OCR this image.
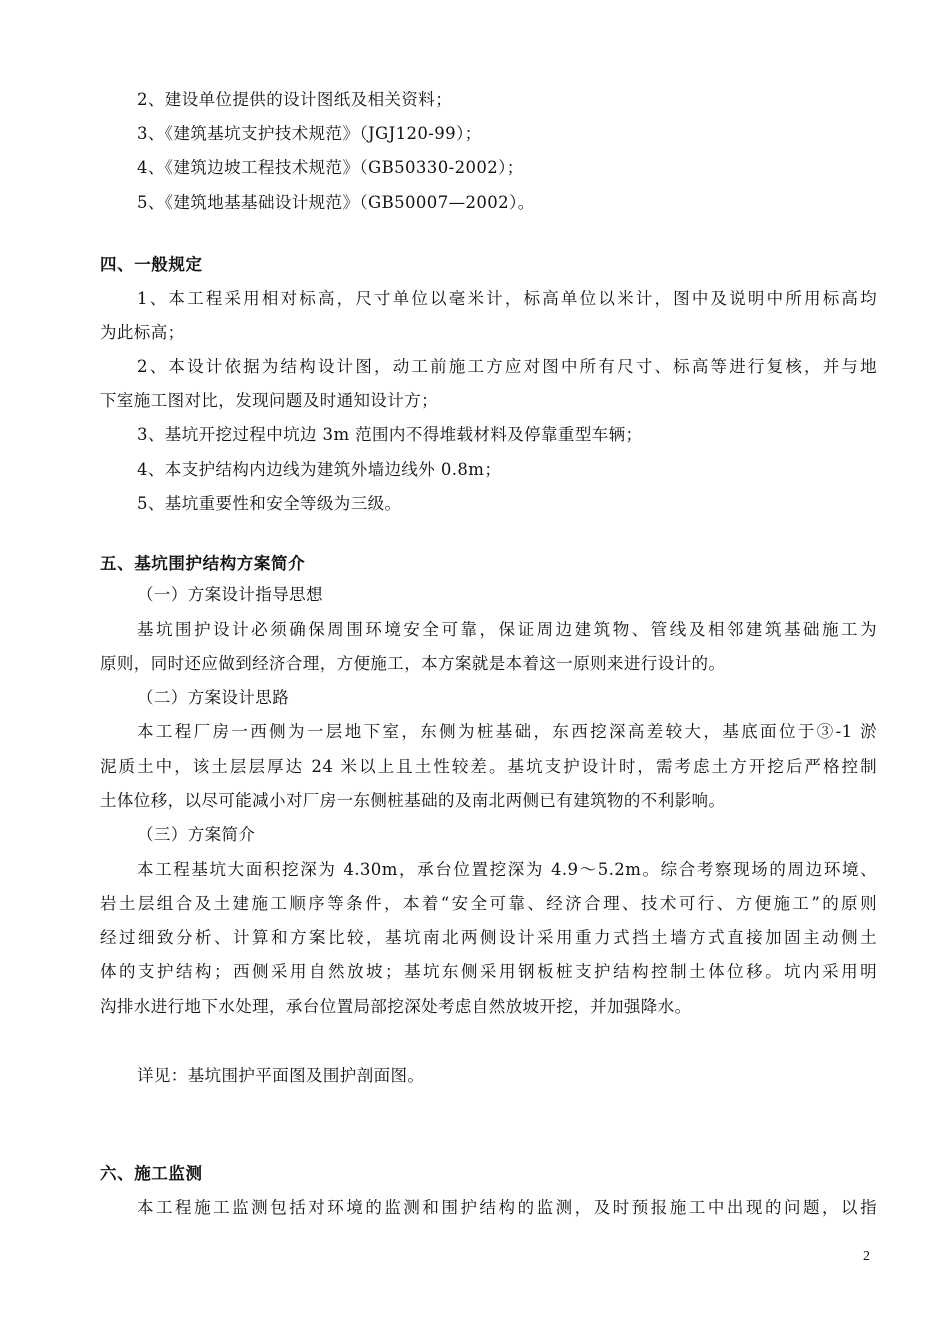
2、建设单位提供的设计图纸及相关资料；
3、《建筑基坑支护技术规范》（JGJ120-99）；
4、《建筑边坡工程技术规范》（GB50330-2002）；
5、《建筑地基基础设计规范》（GB50007—2002）。
四、一般规定
1、本工程采用相对标高，尺寸单位以毫米计，标高单位以米计，图中及说明中所用标高均
为此标高；
2、本设计依据为结构设计图，动工前施工方应对图中所有尺寸、标高等进行复核，并与地
下室施工图对比，发现问题及时通知设计方；
3、基坑开挖过程中坑边 3m 范围内不得堆载材料及停靠重型车辆；
4、本支护结构内边线为建筑外墙边线外 0.8m；
5、基坑重要性和安全等级为三级。
五、基坑围护结构方案简介
（一）方案设计指导思想
基坑围护设计必须确保周围环境安全可靠，保证周边建筑物、管线及相邻建筑基础施工为
原则，同时还应做到经济合理，方便施工，本方案就是本着这一原则来进行设计的。
（二）方案设计思路
本工程厂房一西侧为一层地下室，东侧为桩基础，东西挖深高差较大，基底面位于③-1 淤
泥质土中，该土层层厚达 24 米以上且土性较差。基坑支护设计时，需考虑土方开挖后严格控制
土体位移，以尽可能减小对厂房一东侧桩基础的及南北两侧已有建筑物的不利影响。
（三）方案简介
本工程基坑大面积挖深为 4.30m，承台位置挖深为 4.9～5.2m。综合考察现场的周边环境、
岩土层组合及土建施工顺序等条件，本着“安全可靠、经济合理、技术可行、方便施工”的原则
经过细致分析、计算和方案比较，基坑南北两侧设计采用重力式挡土墙方式直接加固主动侧土
体的支护结构；西侧采用自然放坡；基坑东侧采用钢板桩支护结构控制土体位移。坑内采用明
沟排水进行地下水处理，承台位置局部挖深处考虑自然放坡开挖，并加强降水。
详见：基坑围护平面图及围护剖面图。
六、施工监测
本工程施工监测包括对环境的监测和围护结构的监测，及时预报施工中出现的问题，以指
2
